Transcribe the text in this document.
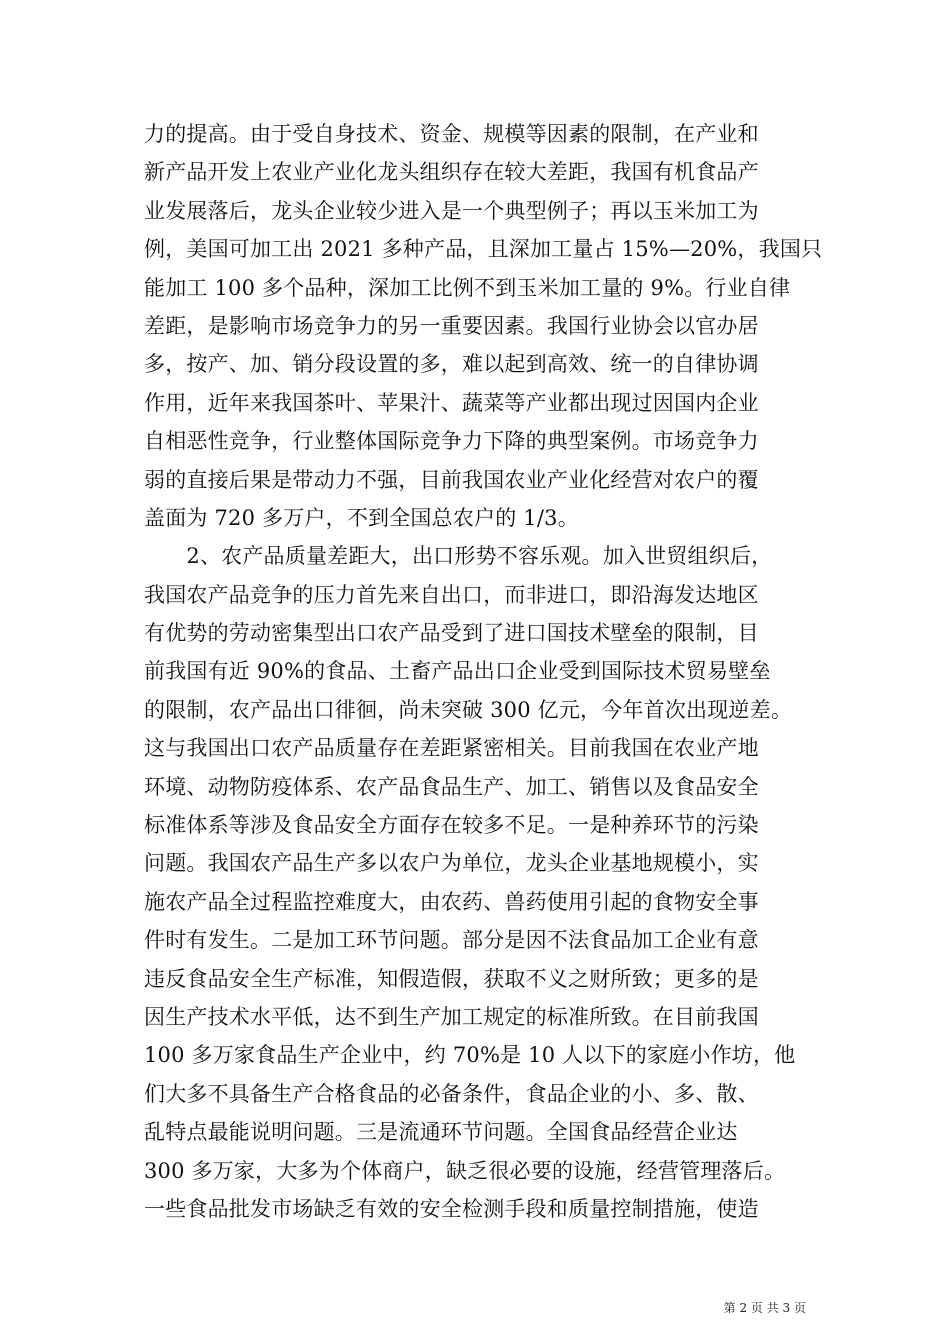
力的提高。由于受自身技术、资金、规模等因素的限制，在产业和
新产品开发上农业产业化龙头组织存在较大差距，我国有机食品产
业发展落后，龙头企业较少进入是一个典型例子；再以玉米加工为
例，美国可加工出 2021 多种产品，且深加工量占 15%—20%，我国只
能加工 100 多个品种，深加工比例不到玉米加工量的 9%。行业自律
差距，是影响市场竞争力的另一重要因素。我国行业协会以官办居
多，按产、加、销分段设置的多，难以起到高效、统一的自律协调
作用，近年来我国茶叶、苹果汁、蔬菜等产业都出现过因国内企业
自相恶性竞争，行业整体国际竞争力下降的典型案例。市场竞争力
弱的直接后果是带动力不强，目前我国农业产业化经营对农户的覆
盖面为 720 多万户，不到全国总农户的 1/3。
　　2、农产品质量差距大，出口形势不容乐观。加入世贸组织后，
我国农产品竞争的压力首先来自出口，而非进口，即沿海发达地区
有优势的劳动密集型出口农产品受到了进口国技术壁垒的限制，目
前我国有近 90%的食品、土畜产品出口企业受到国际技术贸易壁垒
的限制，农产品出口徘徊，尚未突破 300 亿元，今年首次出现逆差。
这与我国出口农产品质量存在差距紧密相关。目前我国在农业产地
环境、动物防疫体系、农产品食品生产、加工、销售以及食品安全
标准体系等涉及食品安全方面存在较多不足。一是种养环节的污染
问题。我国农产品生产多以农户为单位，龙头企业基地规模小，实
施农产品全过程监控难度大，由农药、兽药使用引起的食物安全事
件时有发生。二是加工环节问题。部分是因不法食品加工企业有意
违反食品安全生产标准，知假造假，获取不义之财所致；更多的是
因生产技术水平低，达不到生产加工规定的标准所致。在目前我国
100 多万家食品生产企业中，约 70%是 10 人以下的家庭小作坊，他
们大多不具备生产合格食品的必备条件，食品企业的小、多、散、
乱特点最能说明问题。三是流通环节问题。全国食品经营企业达
300 多万家，大多为个体商户，缺乏很必要的设施，经营管理落后。
一些食品批发市场缺乏有效的安全检测手段和质量控制措施，使造
第 2 页 共 3 页
